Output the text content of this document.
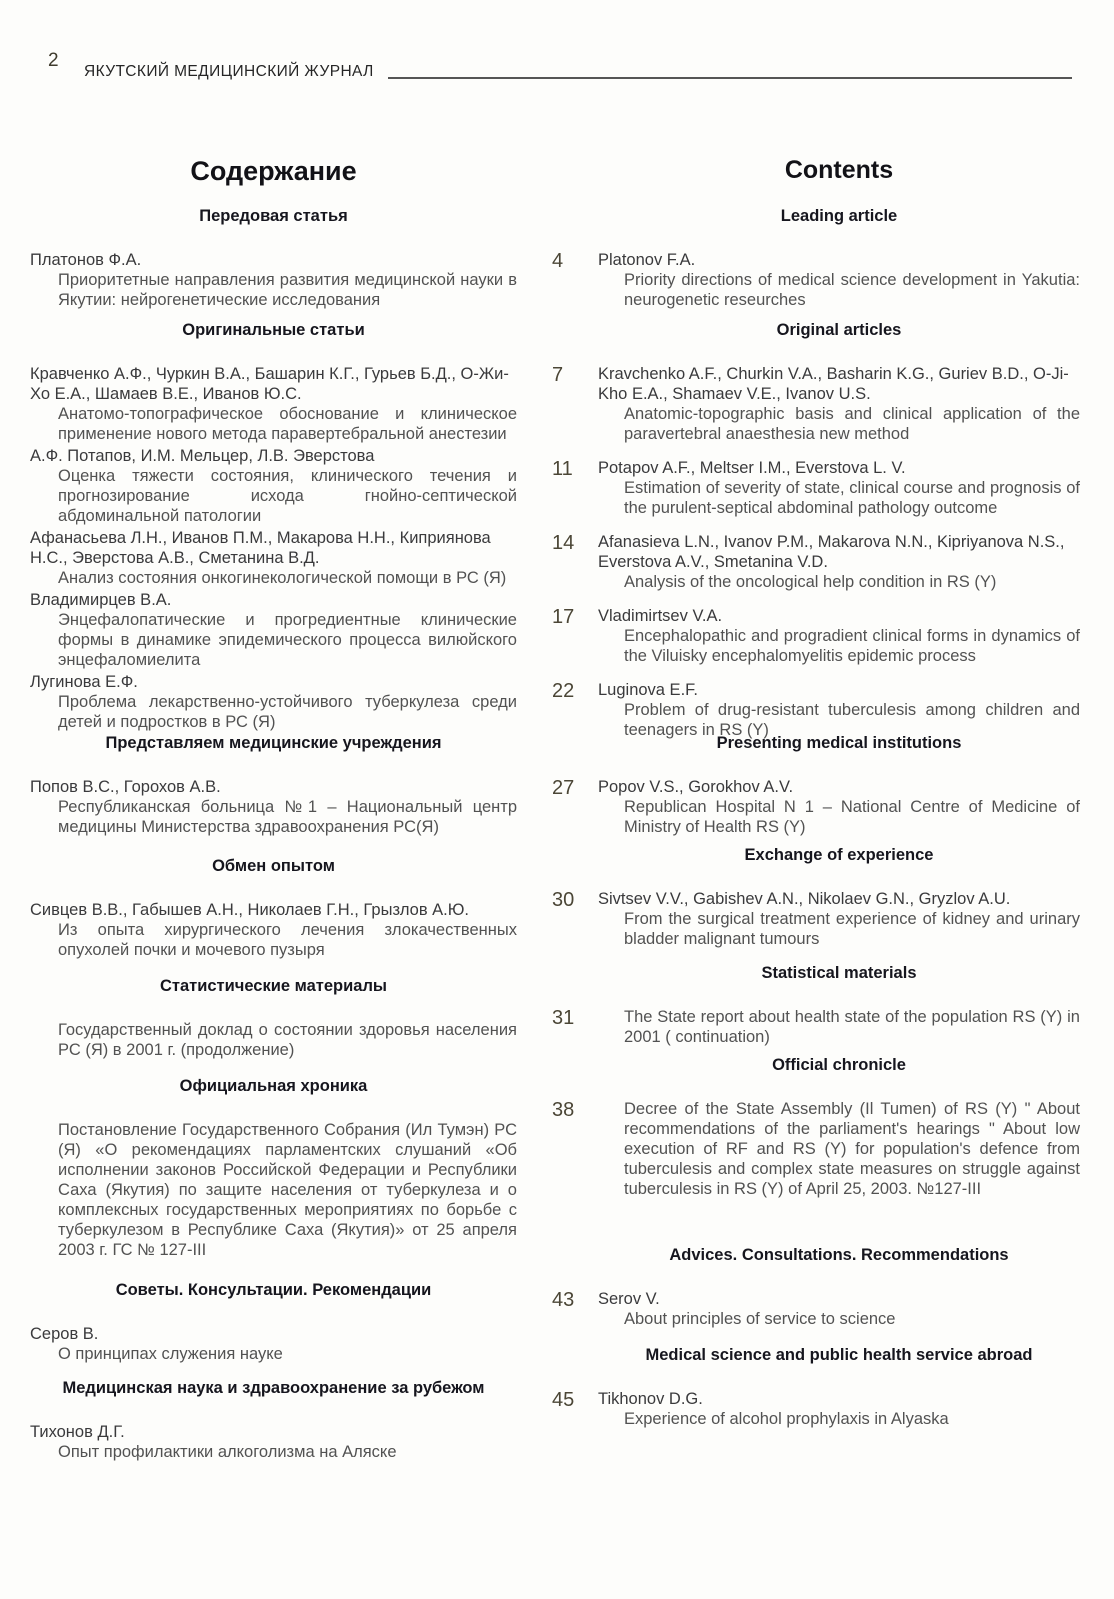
2
ЯКУТСКИЙ МЕДИЦИНСКИЙ ЖУРНАЛ
Содержание
Передовая статья
Платонов Ф.А.
Приоритетные направления развития медицинской науки в Якутии: нейрогенетические исследования
Оригинальные статьи
Кравченко А.Ф., Чуркин В.А., Башарин К.Г., Гурьев Б.Д., О-Жи-Хо Е.А., Шамаев В.Е., Иванов Ю.С.
Анатомо-топографическое обоснование и клиническое применение нового метода паравертебральной анестезии
А.Ф. Потапов, И.М. Мельцер, Л.В. Эверстова
Оценка тяжести состояния, клинического течения и прогнозирование исхода гнойно-септической абдоминальной патологии
Афанасьева Л.Н., Иванов П.М., Макарова Н.Н., Киприянова Н.С., Эверстова А.В., Сметанина В.Д.
Анализ состояния онкогинекологической помощи в РС (Я)
Владимирцев В.А.
Энцефалопатические и прогредиентные клинические формы в динамике эпидемического процесса вилюйского энцефаломиелита
Лугинова Е.Ф.
Проблема лекарственно-устойчивого туберкулеза среди детей и подростков в РС (Я)
Представляем медицинские учреждения
Попов В.С., Горохов А.В.
Республиканская больница №1 – Национальный центр медицины Министерства здравоохранения РС(Я)
Обмен опытом
Сивцев В.В., Габышев А.Н., Николаев Г.Н., Грызлов А.Ю.
Из опыта хирургического лечения злокачественных опухолей почки и мочевого пузыря
Статистические материалы
Государственный доклад о состоянии здоровья населения РС (Я) в 2001 г. (продолжение)
Официальная хроника
Постановление Государственного Собрания (Ил Тумэн) РС (Я) «О рекомендациях парламентских слушаний «Об исполнении законов Российской Федерации и Республики Саха (Якутия) по защите населения от туберкулеза и о комплексных государственных мероприятиях по борьбе с туберкулезом в Республике Саха (Якутия)» от 25 апреля 2003 г. ГС № 127-III
Советы. Консультации. Рекомендации
Серов В.
О принципах служения науке
Медицинская наука и здравоохранение за рубежом
Тихонов Д.Г.
Опыт профилактики алкоголизма на Аляске
Contents
Leading article
4	Platonov F.A.
Priority directions of medical science development in Yakutia: neurogenetic reseurches
Original articles
7	Kravchenko A.F., Churkin V.A., Basharin K.G., Guriev B.D., O-Ji-Kho E.A., Shamaev V.E., Ivanov U.S.
Anatomic-topographic basis and clinical application of the paravertebral anaesthesia new method
11	Potapov A.F., Meltser I.M., Everstova L. V.
Estimation of severity of state, clinical course and prognosis of the purulent-septical abdominal pathology outcome
14	Afanasieva L.N., Ivanov P.M., Makarova N.N., Kipriyanova N.S., Everstova A.V., Smetanina V.D.
Analysis of the oncological help condition in RS (Y)
17	Vladimirtsev V.A.
Encephalopathic and progradient clinical forms in dynamics of the Viluisky encephalomyelitis epidemic process
22	Luginova E.F.
Problem of drug-resistant tuberculesis among children and teenagers in RS (Y)
Presenting medical institutions
27	Popov V.S., Gorokhov A.V.
Republican Hospital N 1 – National Centre of Medicine of Ministry of Health RS (Y)
Exchange of experience
30	Sivtsev V.V., Gabishev A.N., Nikolaev G.N., Gryzlov A.U.
From the surgical treatment experience of kidney and urinary bladder malignant tumours
Statistical materials
31	The State report about health state of the population RS (Y) in 2001 ( continuation)
Official chronicle
38	Decree of the State Assembly (Il Tumen) of RS (Y) " About recommendations of the parliament's hearings " About low execution of RF and RS (Y) for population's defence from tuberculesis and complex state measures on struggle against tuberculesis in RS (Y) of April 25, 2003. №127-III
Advices. Consultations. Recommendations
43	Serov V.
About principles of service to science
Medical science and public health service abroad
45	Tikhonov D.G.
Experience of alcohol prophylaxis in Alyaska
